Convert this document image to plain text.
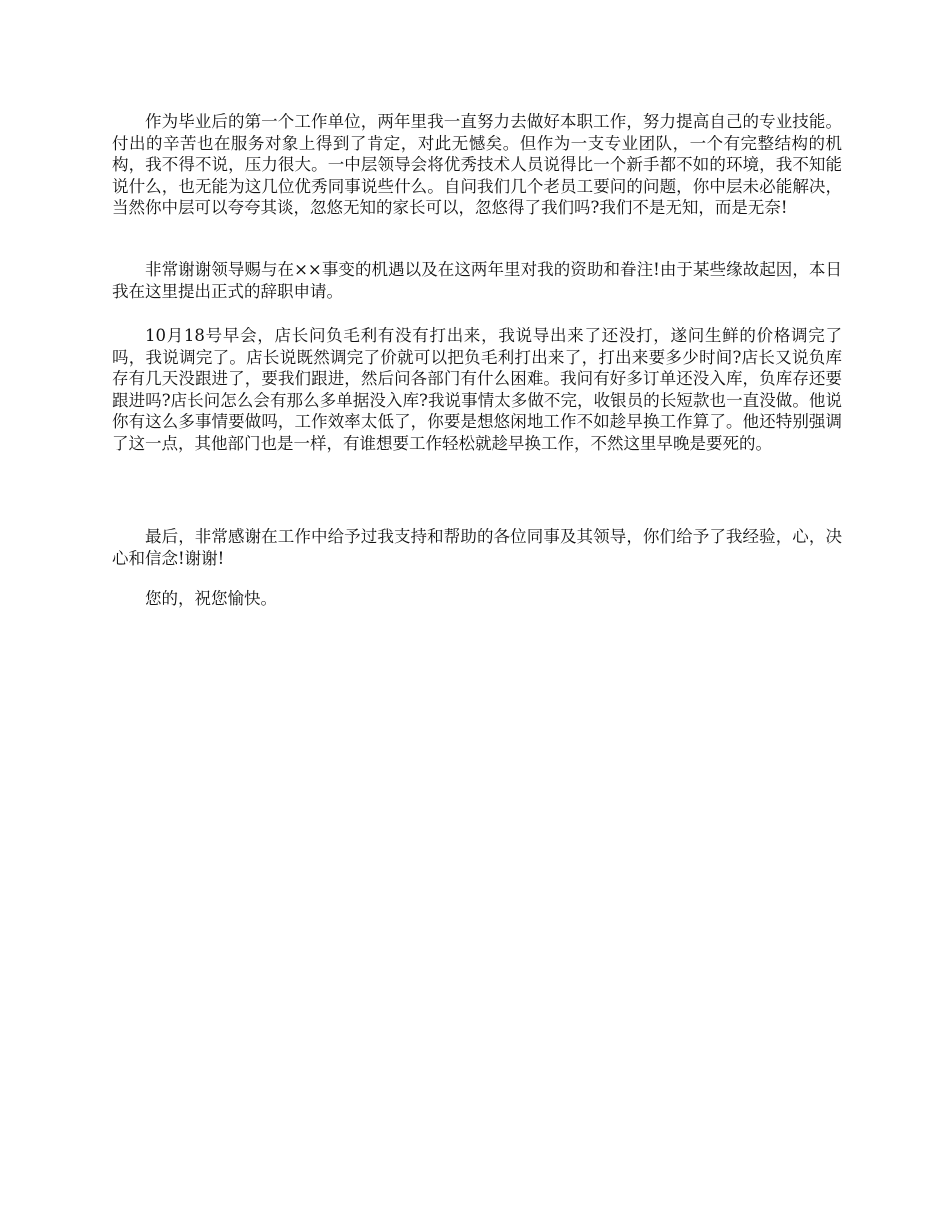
作为毕业后的第一个工作单位，两年里我一直努力去做好本职工作，努力提高自己的专业技能。付出的辛苦也在服务对象上得到了肯定，对此无憾矣。但作为一支专业团队，一个有完整结构的机构，我不得不说，压力很大。一中层领导会将优秀技术人员说得比一个新手都不如的环境，我不知能说什么，也无能为这几位优秀同事说些什么。自问我们几个老员工要问的问题，你中层未必能解决，当然你中层可以夸夸其谈，忽悠无知的家长可以，忽悠得了我们吗?我们不是无知，而是无奈!

非常谢谢领导赐与在××事变的机遇以及在这两年里对我的资助和眷注!由于某些缘故起因，本日我在这里提出正式的辞职申请。

10月18号早会，店长问负毛利有没有打出来，我说导出来了还没打，遂问生鲜的价格调完了吗，我说调完了。店长说既然调完了价就可以把负毛利打出来了，打出来要多少时间?店长又说负库存有几天没跟进了，要我们跟进，然后问各部门有什么困难。我问有好多订单还没入库，负库存还要跟进吗?店长问怎么会有那么多单据没入库?我说事情太多做不完，收银员的长短款也一直没做。他说你有这么多事情要做吗，工作效率太低了，你要是想悠闲地工作不如趁早换工作算了。他还特别强调了这一点，其他部门也是一样，有谁想要工作轻松就趁早换工作，不然这里早晚是要死的。

最后，非常感谢在工作中给予过我支持和帮助的各位同事及其领导，你们给予了我经验，心，决心和信念!谢谢!

您的，祝您愉快。
